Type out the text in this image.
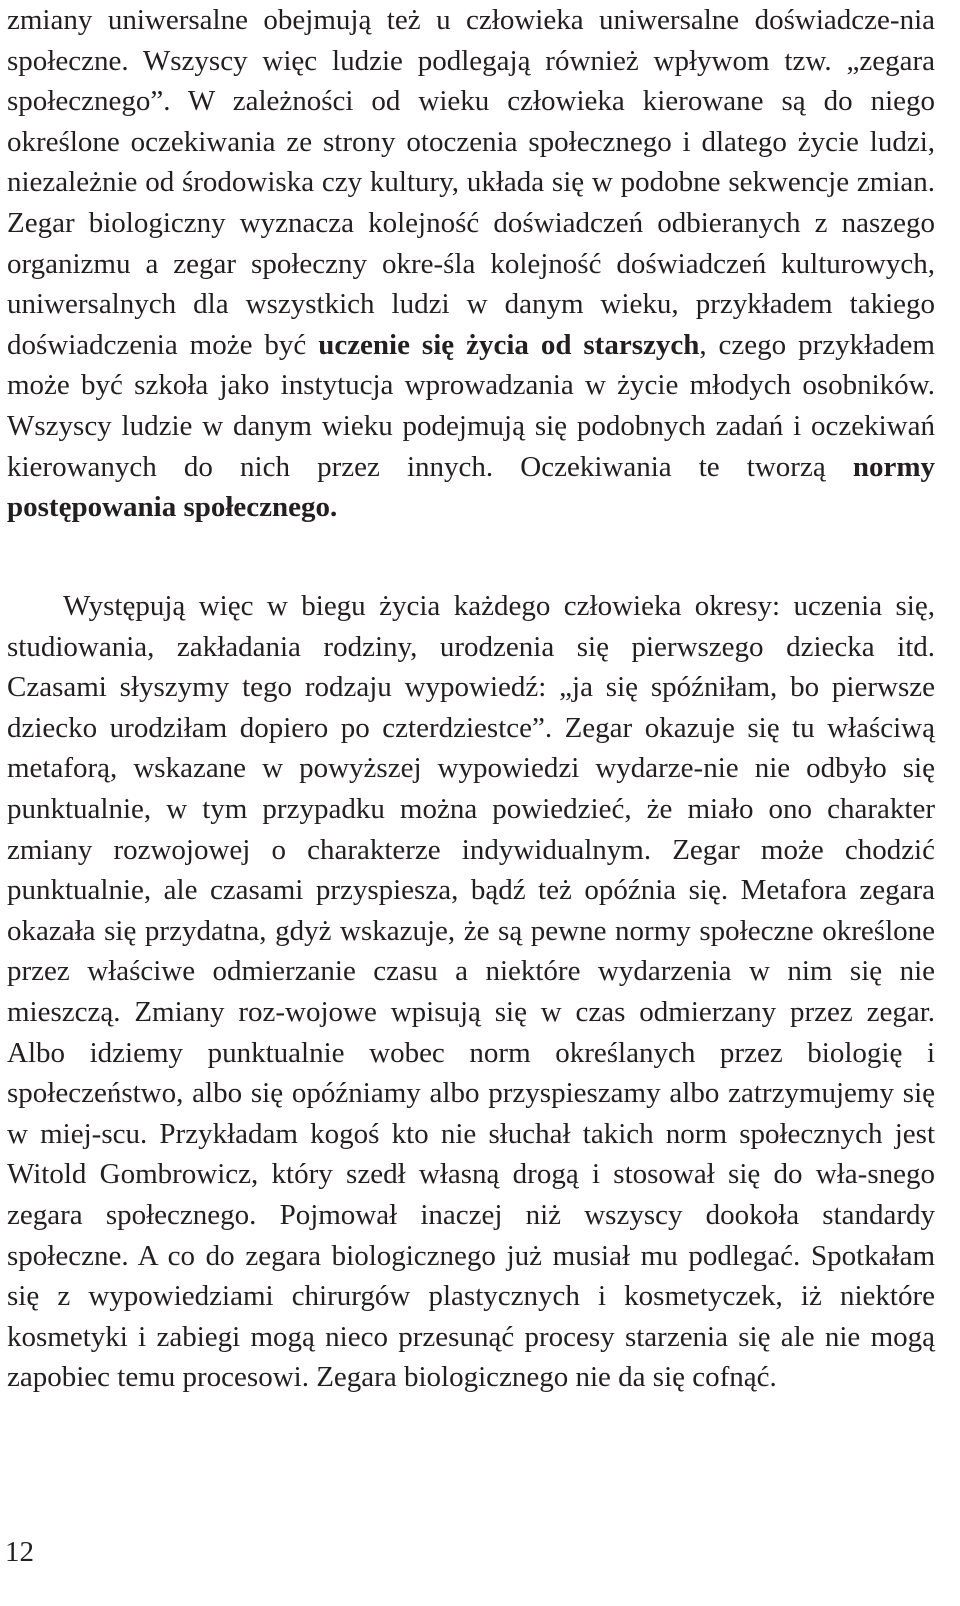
zmiany uniwersalne obejmują też u człowieka uniwersalne doświadcze-nia społeczne. Wszyscy więc ludzie podlegają również wpływom tzw. „zegara społecznego”. W zależności od wieku człowieka kierowane są do niego określone oczekiwania ze strony otoczenia społecznego i dlatego życie ludzi, niezależnie od środowiska czy kultury, układa się w podobne sekwencje zmian. Zegar biologiczny wyznacza kolejność doświadczeń odbieranych z naszego organizmu a zegar społeczny okre-śla kolejność doświadczeń kulturowych, uniwersalnych dla wszystkich ludzi w danym wieku, przykładem takiego doświadczenia może być uczenie się życia od starszych, czego przykładem może być szkoła jako instytucja wprowadzania w życie młodych osobników. Wszyscy ludzie w danym wieku podejmują się podobnych zadań i oczekiwań kierowanych do nich przez innych. Oczekiwania te tworzą normy postępowania społecznego.

Występują więc w biegu życia każdego człowieka okresy: uczenia się, studiowania, zakładania rodziny, urodzenia się pierwszego dziecka itd. Czasami słyszymy tego rodzaju wypowiedź: „ja się spóźniłam, bo pierwsze dziecko urodziłam dopiero po czterdziestce”. Zegar okazuje się tu właściwą metaforą, wskazane w powyższej wypowiedzi wydarze-nie nie odbyło się punktualnie, w tym przypadku można powiedzieć, że miało ono charakter zmiany rozwojowej o charakterze indywidualnym. Zegar może chodzić punktualnie, ale czasami przyspiesza, bądź też opóźnia się. Metafora zegara okazała się przydatna, gdyż wskazuje, że są pewne normy społeczne określone przez właściwe odmierzanie czasu a niektóre wydarzenia w nim się nie mieszczą. Zmiany roz-wojowe wpisują się w czas odmierzany przez zegar. Albo idziemy punktualnie wobec norm określanych przez biologię i społeczeństwo, albo się opóźniamy albo przyspieszamy albo zatrzymujemy się w miej-scu. Przykładam kogoś kto nie słuchał takich norm społecznych jest Witold Gombrowicz, który szedł własną drogą i stosował się do wła-snego zegara społecznego. Pojmował inaczej niż wszyscy dookoła standardy społeczne. A co do zegara biologicznego już musiał mu podlegać. Spotkałam się z wypowiedziami chirurgów plastycznych i kosmetyczek, iż niektóre kosmetyki i zabiegi mogą nieco przesunąć procesy starzenia się ale nie mogą zapobiec temu procesowi. Zegara biologicznego nie da się cofnąć.

12
